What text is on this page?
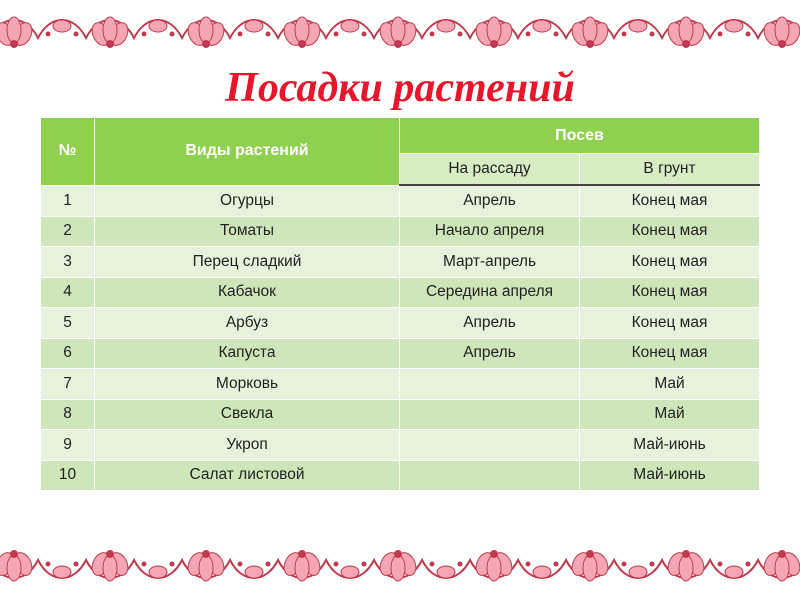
Посадки растений
№	Виды растений	Посев	
		На рассаду	В грунт
1	Огурцы	Апрель	Конец мая
2	Томаты	Начало апреля	Конец мая
3	Перец сладкий	Март-апрель	Конец мая
4	Кабачок	Середина апреля	Конец мая
5	Арбуз	Апрель	Конец мая
6	Капуста	Апрель	Конец мая
7	Морковь		Май
8	Свекла		Май
9	Укроп		Май-июнь
10	Салат листовой		Май-июнь
